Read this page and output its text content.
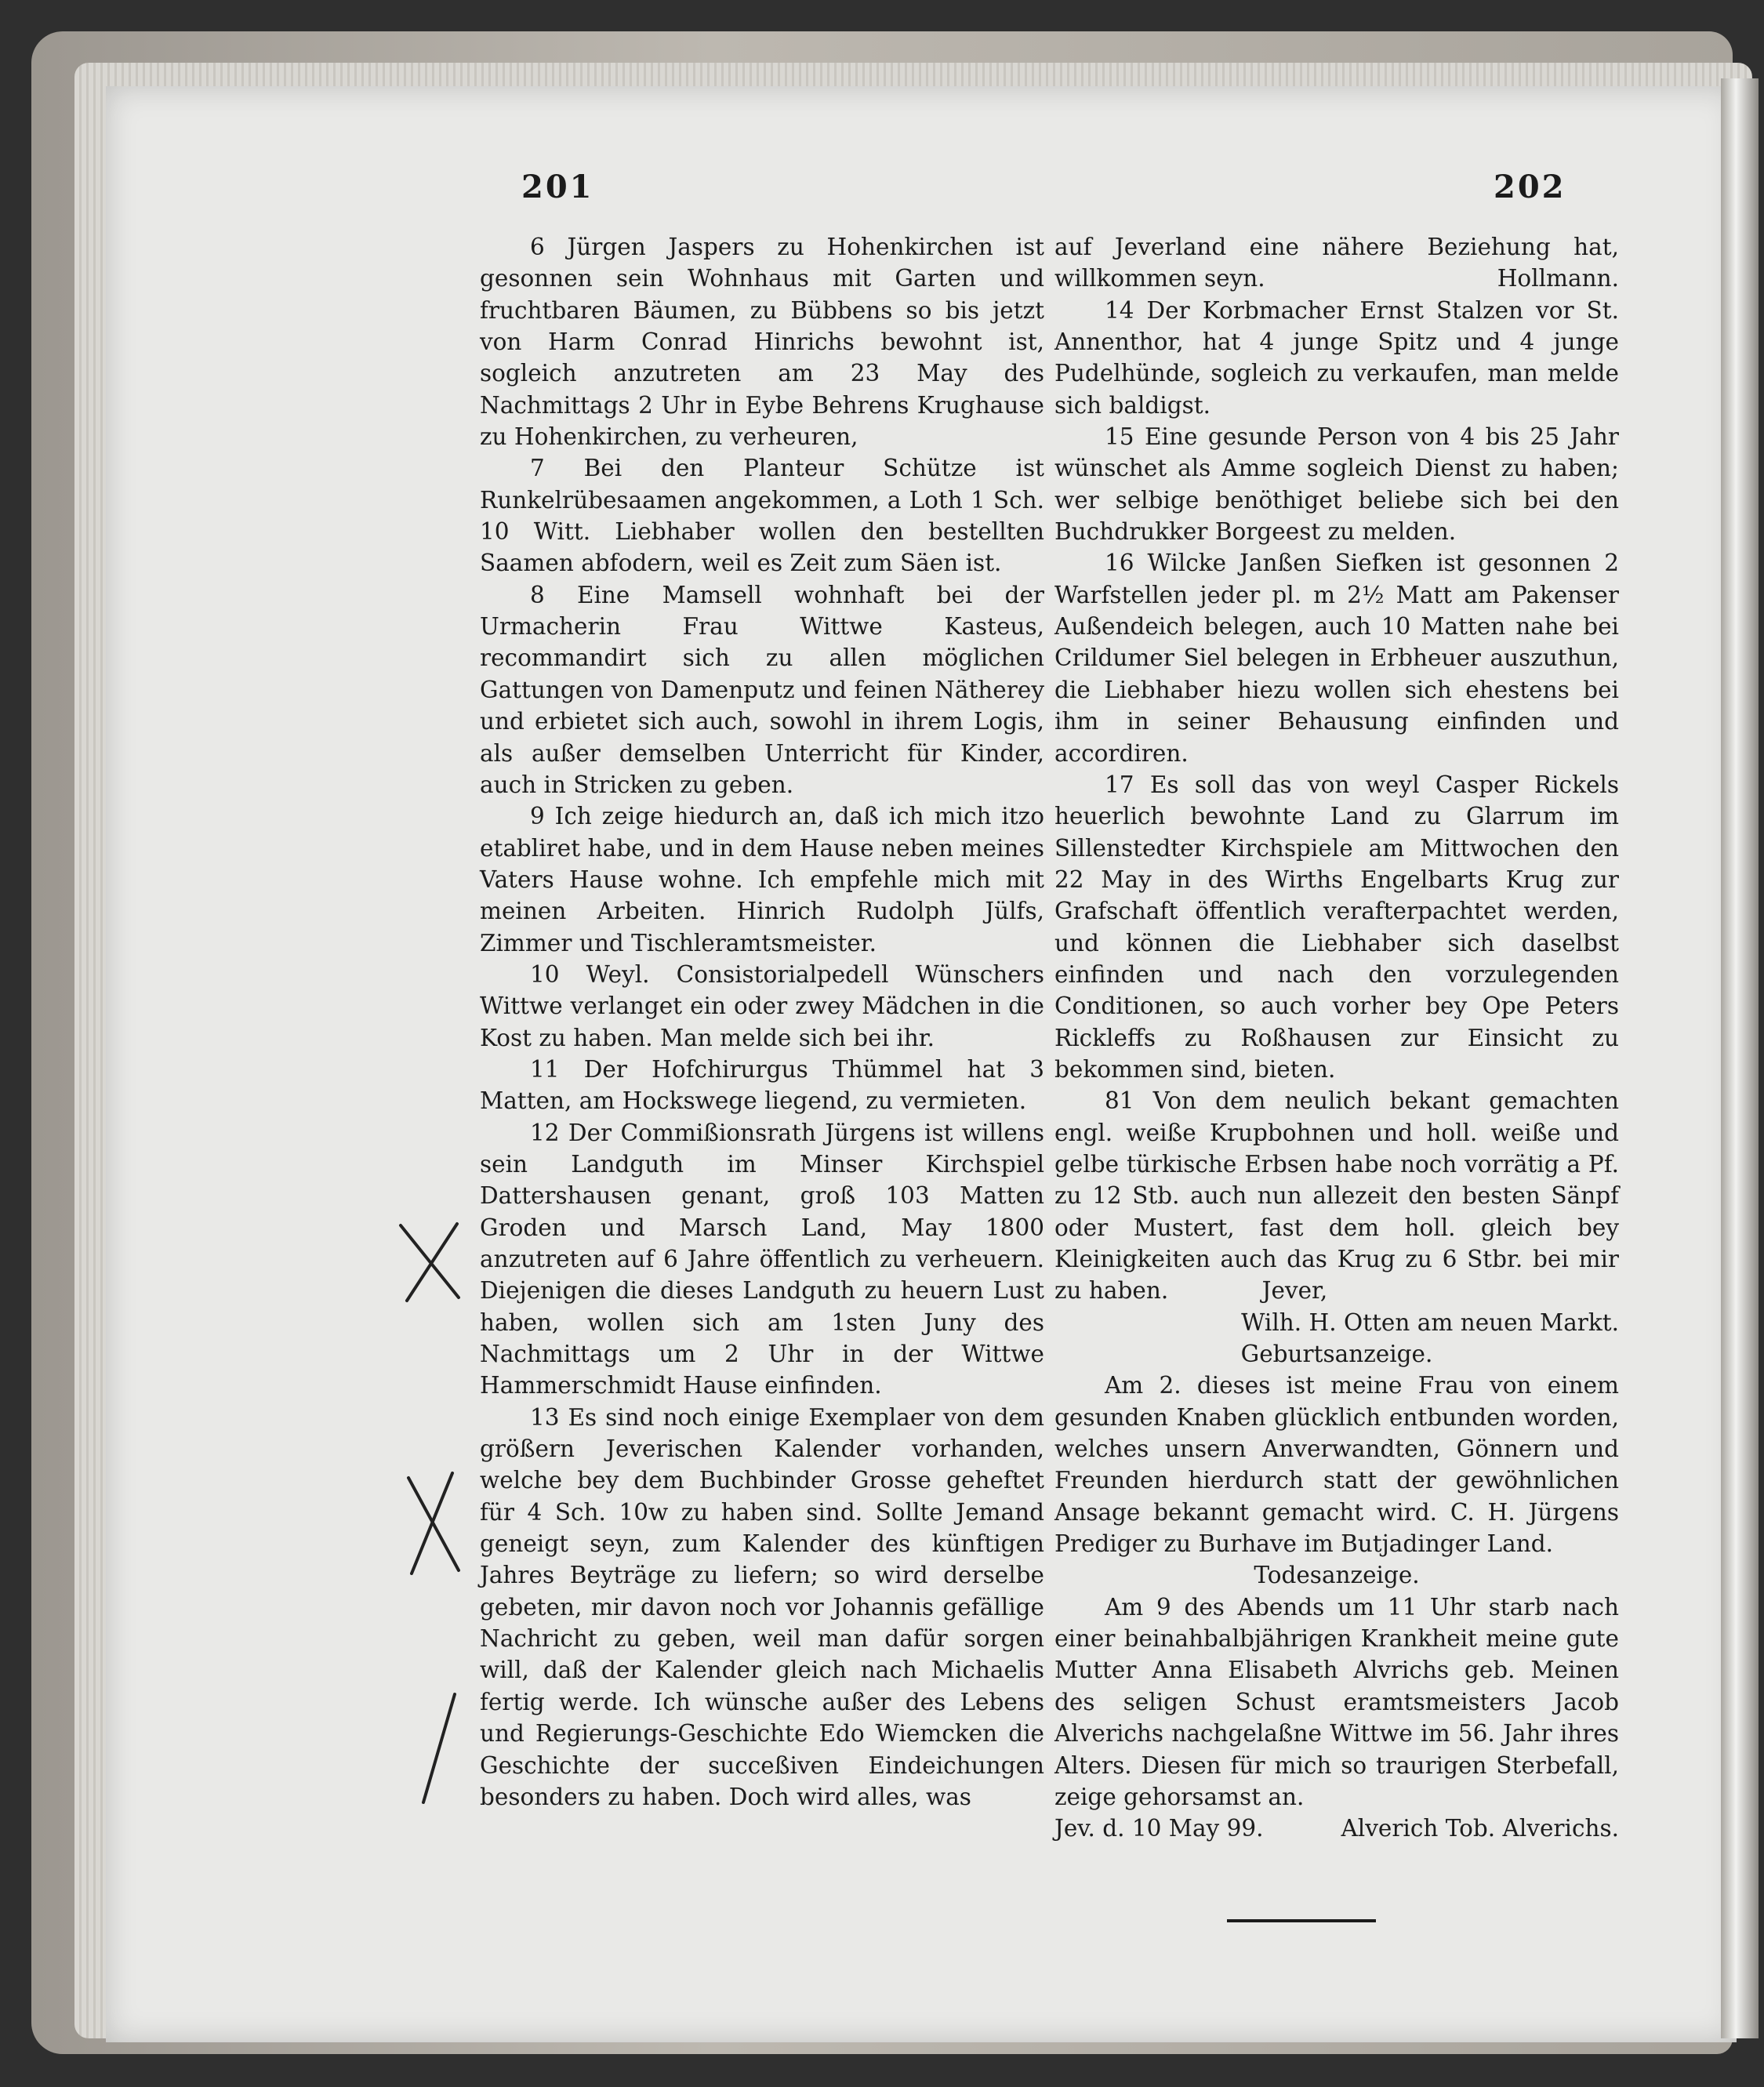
201	202

6 Jürgen Jaspers zu Hohenkirchen ist gesonnen sein Wohnhaus mit Garten und fruchtbaren Bäumen, zu Bübbens so bis jetzt von Harm Conrad Hinrichs bewohnt ist, sogleich anzutreten am 23 May des Nachmittags 2 Uhr in Eybe Behrens Krughause zu Hohenkirchen, zu verheuren,

7 Bei den Planteur Schütze ist Runkelrübesaamen angekommen, a Loth 1 Sch. 10 Witt. Liebhaber wollen den bestellten Saamen abfodern, weil es Zeit zum Säen ist.

8 Eine Mamsell wohnhaft bei der Urmacherin Frau Wittwe Kasteus, recommandirt sich zu allen möglichen Gattungen von Damenputz und feinen Nätherey und erbietet sich auch, sowohl in ihrem Logis, als außer demselben Unterricht für Kinder, auch in Stricken zu geben.

9 Ich zeige hiedurch an, daß ich mich itzo etabliret habe, und in dem Hause neben meines Vaters Hause wohne. Ich empfehle mich mit meinen Arbeiten. Hinrich Rudolph Jülfs, Zimmer und Tischleramtsmeister.

10 Weyl. Consistorialpedell Wünschers Wittwe verlanget ein oder zwey Mädchen in die Kost zu haben. Man melde sich bei ihr.

11 Der Hofchirurgus Thümmel hat 3 Matten, am Hockswege liegend, zu vermieten.

12 Der Commißionsrath Jürgens ist willens sein Landguth im Minser Kirchspiel Dattershausen genant, groß 103 Matten Groden und Marsch Land, May 1800 anzutreten auf 6 Jahre öffentlich zu verheuern. Diejenigen die dieses Landguth zu heuern Lust haben, wollen sich am 1sten Juny des Nachmittags um 2 Uhr in der Wittwe Hammerschmidt Hause einfinden.

13 Es sind noch einige Exemplaer von dem größern Jeverischen Kalender vorhanden, welche bey dem Buchbinder Grosse geheftet für 4 Sch. 10w zu haben sind. Sollte Jemand geneigt seyn, zum Kalender des künftigen Jahres Beyträge zu liefern; so wird derselbe gebeten, mir davon noch vor Johannis gefällige Nachricht zu geben, weil man dafür sorgen will, daß der Kalender gleich nach Michaelis fertig werde. Ich wünsche außer des Lebens und Regierungs-Geschichte Edo Wiemcken die Geschichte der succeßiven Eindeichungen besonders zu haben. Doch wird alles, was

auf Jeverland eine nähere Beziehung hat, willkommen seyn.	Hollmann.

14 Der Korbmacher Ernst Stalzen vor St. Annenthor, hat 4 junge Spitz und 4 junge Pudelhünde, sogleich zu verkaufen, man melde sich baldigst.

15 Eine gesunde Person von 4 bis 25 Jahr wünschet als Amme sogleich Dienst zu haben; wer selbige benöthiget beliebe sich bei den Buchdrukker Borgeest zu melden.

16 Wilcke Janßen Siefken ist gesonnen 2 Warfstellen jeder pl. m 2½ Matt am Pakenser Außendeich belegen, auch 10 Matten nahe bei Crildumer Siel belegen in Erbheuer auszuthun, die Liebhaber hiezu wollen sich ehestens bei ihm in seiner Behausung einfinden und accordiren.

17 Es soll das von weyl Casper Rickels heuerlich bewohnte Land zu Glarrum im Sillenstedter Kirchspiele am Mittwochen den 22 May in des Wirths Engelbarts Krug zur Grafschaft öffentlich verafterpachtet werden, und können die Liebhaber sich daselbst einfinden und nach den vorzulegenden Conditionen, so auch vorher bey Ope Peters Rickleffs zu Roßhausen zur Einsicht zu bekommen sind, bieten.

81 Von dem neulich bekant gemachten engl. weiße Krupbohnen und holl. weiße und gelbe türkische Erbsen habe noch vorrätig a Pf. zu 12 Stb. auch nun allezeit den besten Sänpf oder Mustert, fast dem holl. gleich bey Kleinigkeiten auch das Krug zu 6 Stbr. bei mir zu haben.	Jever,

Wilh. H. Otten am neuen Markt.

Geburtsanzeige.

Am 2. dieses ist meine Frau von einem gesunden Knaben glücklich entbunden worden, welches unsern Anverwandten, Gönnern und Freunden hierdurch statt der gewöhnlichen Ansage bekannt gemacht wird. C. H. Jürgens Prediger zu Burhave im Butjadinger Land.

Todesanzeige.

Am 9 des Abends um 11 Uhr starb nach einer beinahbalbjährigen Krankheit meine gute Mutter Anna Elisabeth Alvrichs geb. Meinen des seligen Schust eramtsmeisters Jacob Alverichs nachgelaßne Wittwe im 56. Jahr ihres Alters. Diesen für mich so traurigen Sterbefall, zeige gehorsamst an.

Jev. d. 10 May 99.	Alverich Tob. Alverichs.
